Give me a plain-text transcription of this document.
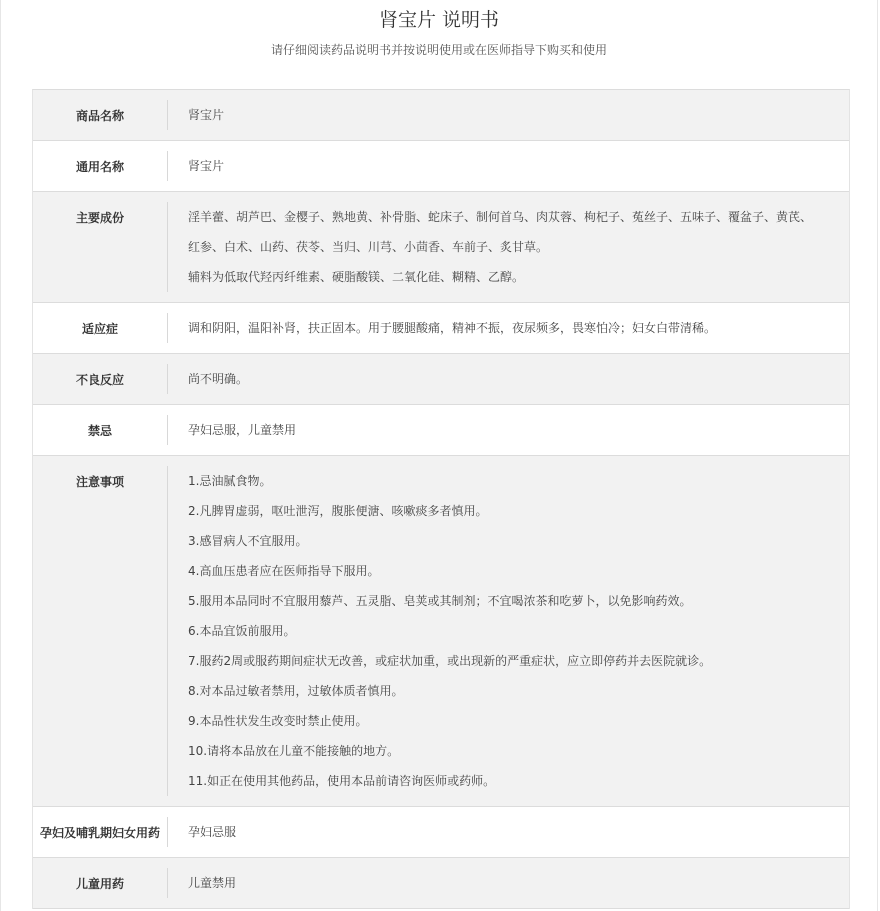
肾宝片 说明书
请仔细阅读药品说明书并按说明使用或在医师指导下购买和使用
商品名称	肾宝片
通用名称	肾宝片
主要成份	淫羊藿、胡芦巴、金樱子、熟地黄、补骨脂、蛇床子、制何首乌、肉苁蓉、枸杞子、菟丝子、五味子、覆盆子、黄芪、
红参、白术、山药、茯苓、当归、川芎、小茴香、车前子、炙甘草。
辅料为低取代羟丙纤维素、硬脂酸镁、二氧化硅、糊精、乙醇。
适应症	调和阴阳，温阳补肾，扶正固本。用于腰腿酸痛，精神不振，夜尿频多，畏寒怕冷；妇女白带清稀。
不良反应	尚不明确。
禁忌	孕妇忌服，儿童禁用
注意事项	1.忌油腻食物。
2.凡脾胃虚弱，呕吐泄泻，腹胀便溏、咳嗽痰多者慎用。
3.感冒病人不宜服用。
4.高血压患者应在医师指导下服用。
5.服用本品同时不宜服用藜芦、五灵脂、皂荚或其制剂；不宜喝浓茶和吃萝卜，以免影响药效。
6.本品宜饭前服用。
7.服药2周或服药期间症状无改善，或症状加重，或出现新的严重症状，应立即停药并去医院就诊。
8.对本品过敏者禁用，过敏体质者慎用。
9.本品性状发生改变时禁止使用。
10.请将本品放在儿童不能接触的地方。
11.如正在使用其他药品，使用本品前请咨询医师或药师。
孕妇及哺乳期妇女用药	孕妇忌服
儿童用药	儿童禁用
